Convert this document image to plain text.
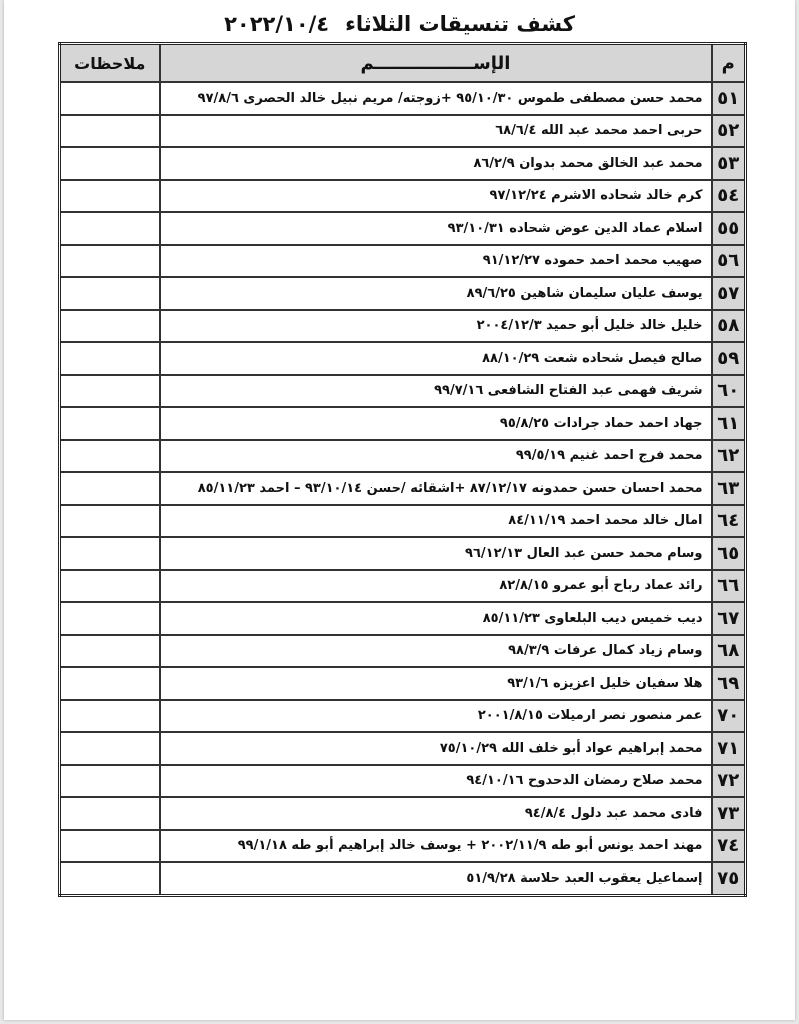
كشف تنسيقات الثلاثاء
٢٠٢٢/١٠/٤
م	الإســــــــــــــــم	ملاحظات
٥١	محمد حسن مصطفى طموس ٩٥/١٠/٣٠ +زوجته/ مريم نبيل خالد الحصرى ٩٧/٨/٦	
٥٢	حربى احمد محمد عبد الله ٦٨/٦/٤	
٥٣	محمد عبد الخالق محمد بدوان ٨٦/٢/٩	
٥٤	كرم خالد شحاده الاشرم ٩٧/١٢/٢٤	
٥٥	اسلام عماد الدين عوض شحاده ٩٣/١٠/٣١	
٥٦	صهيب محمد احمد حموده ٩١/١٢/٢٧	
٥٧	يوسف عليان سليمان شاهين ٨٩/٦/٢٥	
٥٨	خليل خالد خليل أبو حميد ٢٠٠٤/١٢/٣	
٥٩	صالح فيصل شحاده شعت ٨٨/١٠/٢٩	
٦٠	شريف فهمى عبد الفتاح الشافعى ٩٩/٧/١٦	
٦١	جهاد احمد حماد جرادات ٩٥/٨/٢٥	
٦٢	محمد فرج احمد غنيم ٩٩/٥/١٩	
٦٣	محمد احسان حسن حمدونه ٨٧/١٢/١٧ +اشقائه /حسن ٩٣/١٠/١٤ – احمد ٨٥/١١/٢٣	
٦٤	امال خالد محمد احمد ٨٤/١١/١٩	
٦٥	وسام محمد حسن عبد العال ٩٦/١٢/١٣	
٦٦	رائد عماد رباح أبو عمرو ٨٢/٨/١٥	
٦٧	ديب خميس ديب البلعاوى ٨٥/١١/٢٣	
٦٨	وسام زياد كمال عرفات ٩٨/٣/٩	
٦٩	هلا سفيان خليل اعزيزه ٩٣/١/٦	
٧٠	عمر منصور نصر ارميلات ٢٠٠١/٨/١٥	
٧١	محمد إبراهيم عواد أبو خلف الله ٧٥/١٠/٢٩	
٧٢	محمد صلاح رمضان الدحدوح ٩٤/١٠/١٦	
٧٣	فادى محمد عبد دلول ٩٤/٨/٤	
٧٤	مهند احمد يونس أبو طه ٢٠٠٢/١١/٩ + يوسف خالد إبراهيم أبو طه ٩٩/١/١٨	
٧٥	إسماعيل يعقوب العبد حلاسة ٥١/٩/٢٨	
